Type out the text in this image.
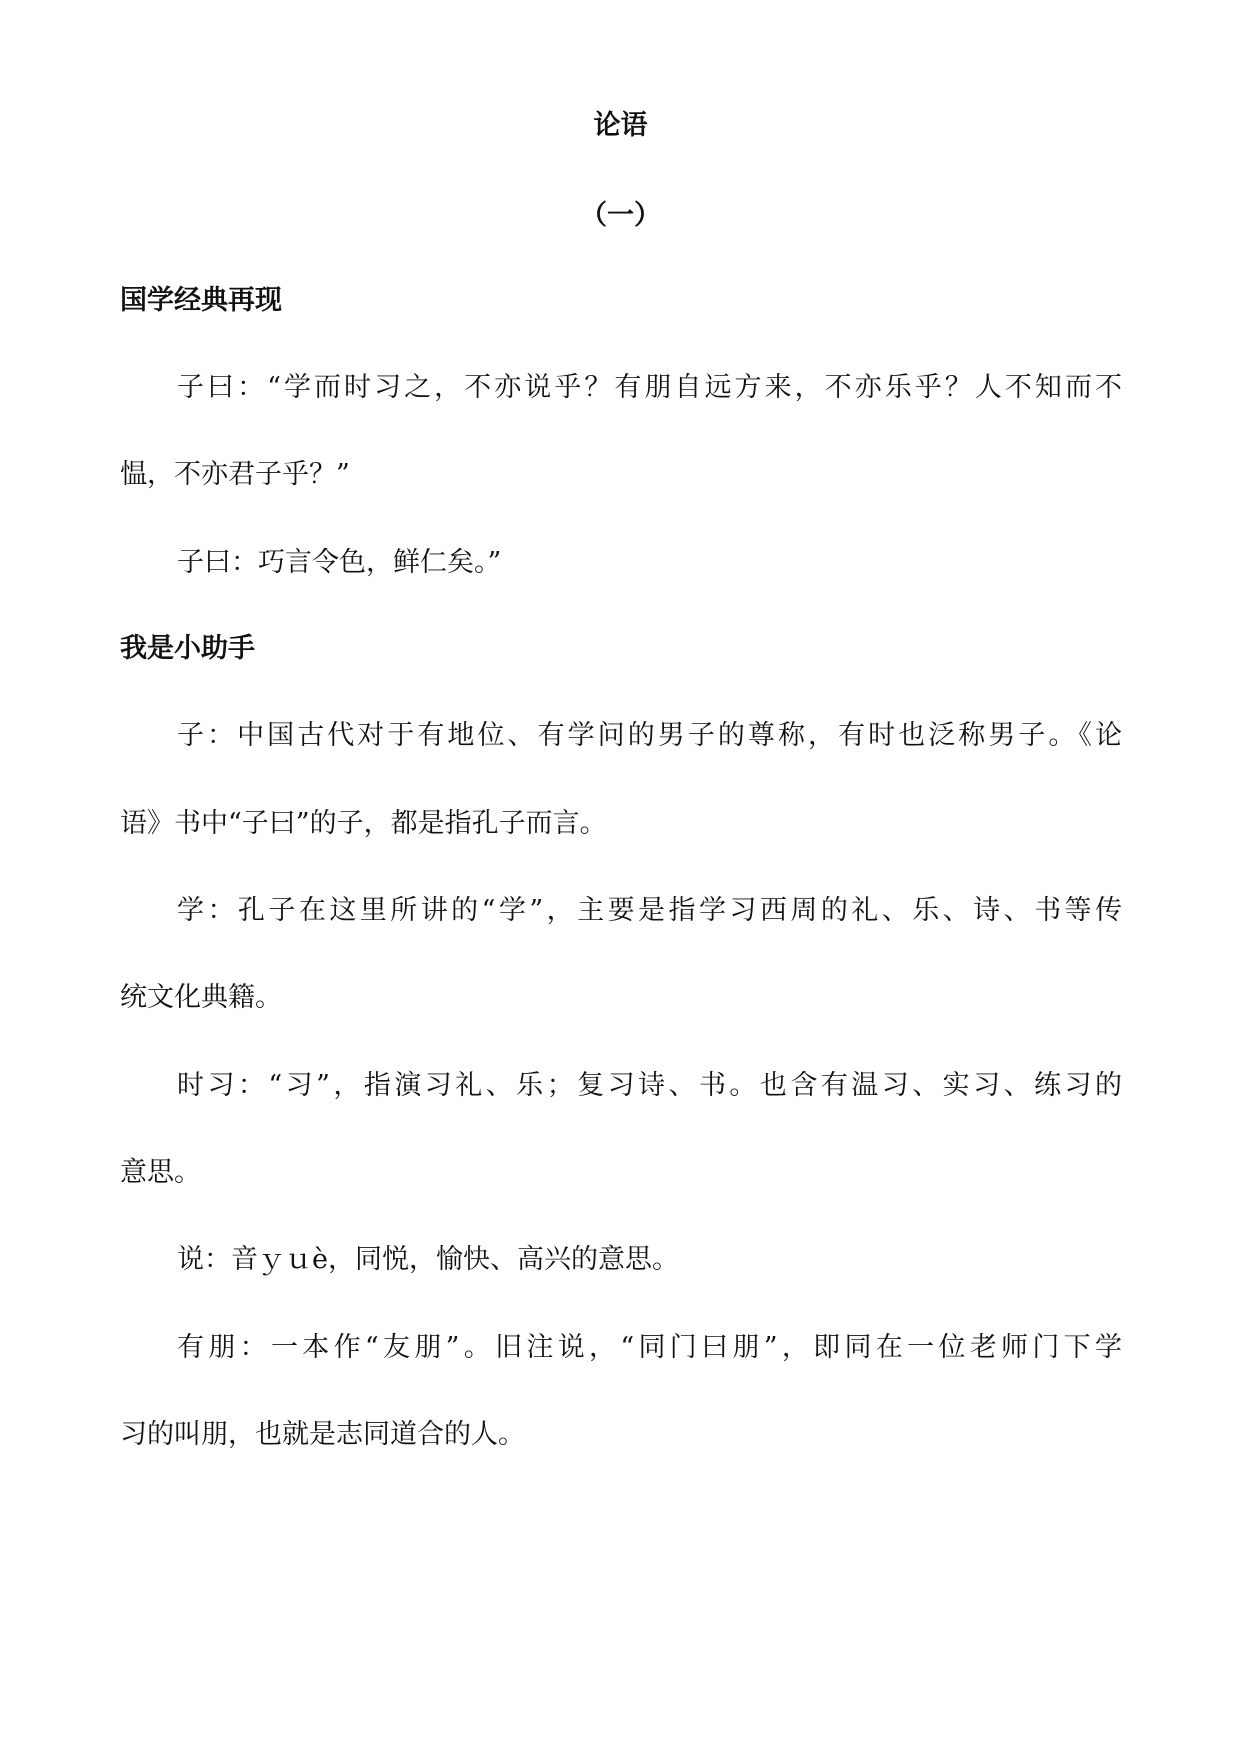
论语
（一）
国学经典再现

子曰：“学而时习之，不亦说乎？有朋自远方来，不亦乐乎？人不知而不

愠，不亦君子乎？”

子曰：巧言令色，鲜仁矣。”

我是小助手

子：中国古代对于有地位、有学问的男子的尊称，有时也泛称男子。《论

语》书中“子曰”的子，都是指孔子而言。

学：孔子在这里所讲的“学”，主要是指学习西周的礼、乐、诗、书等传

统文化典籍。

时习：“习”，指演习礼、乐；复习诗、书。也含有温习、实习、练习的

意思。

说：音ｙｕè，同悦，愉快、高兴的意思。

有朋：一本作“友朋”。旧注说，“同门曰朋”，即同在一位老师门下学

习的叫朋，也就是志同道合的人。
